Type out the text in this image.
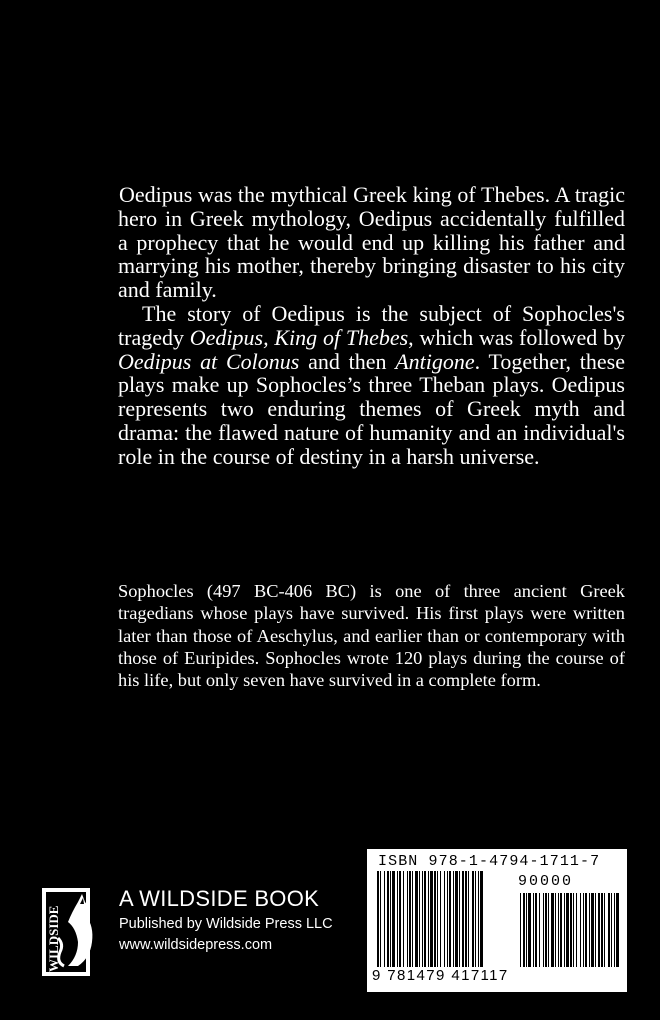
Oedipus was the mythical Greek king of Thebes. A tragic hero in Greek mythology, Oedipus accidentally fulfilled a prophecy that he would end up killing his father and marrying his mother, thereby bringing disaster to his city and family.

The story of Oedipus is the subject of Sophocles's tragedy Oedipus, King of Thebes, which was followed by Oedipus at Colonus and then Antigone. Together, these plays make up Sophocles’s three Theban plays. Oedipus represents two enduring themes of Greek myth and drama: the flawed nature of humanity and an individual's role in the course of destiny in a harsh universe.

Sophocles (497 BC-406 BC) is one of three ancient Greek tragedians whose plays have survived. His first plays were written later than those of Aeschylus, and earlier than or contemporary with those of Euripides. Sophocles wrote 120 plays during the course of his life, but only seven have survived in a complete form.

WILDSIDE
A WILDSIDE BOOK
Published by Wildside Press LLC
www.wildsidepress.com
ISBN 978-1-4794-1711-7
90000
9 781479 417117
